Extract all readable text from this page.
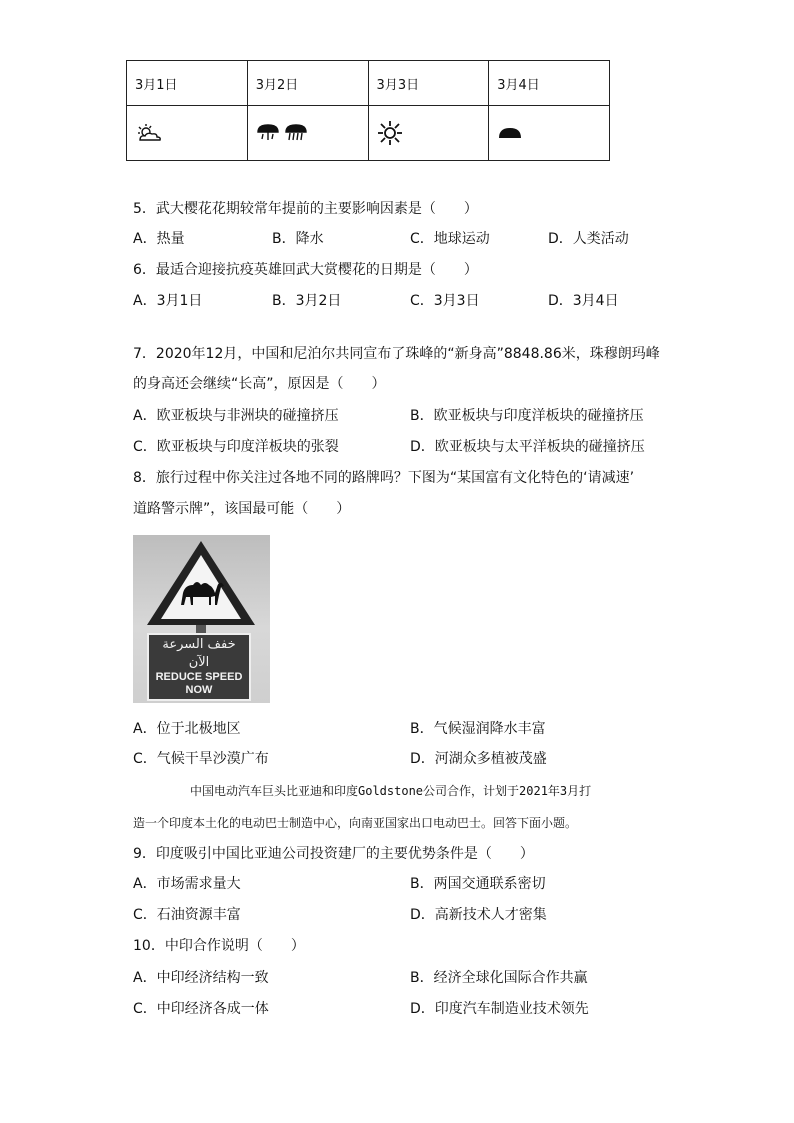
3月1日	3月2日	3月3日	3月4日

5．武大樱花花期较常年提前的主要影响因素是（　　）
A．热量	B．降水	C．地球运动	D．人类活动
6．最适合迎接抗疫英雄回武大赏樱花的日期是（　　）
A．3月1日	B．3月2日	C．3月3日	D．3月4日
7．2020年12月，中国和尼泊尔共同宣布了珠峰的“新身高”8848.86米，珠穆朗玛峰
的身高还会继续“长高”，原因是（　　）
A．欧亚板块与非洲块的碰撞挤压	B．欧亚板块与印度洋板块的碰撞挤压
C．欧亚板块与印度洋板块的张裂	D．欧亚板块与太平洋板块的碰撞挤压
8．旅行过程中你关注过各地不同的路牌吗？下图为“某国富有文化特色的‘请减速’
道路警示牌”，该国最可能（　　）
خفف السرعة
الآن
REDUCE SPEED
NOW
A．位于北极地区	B．气候湿润降水丰富
C．气候干旱沙漠广布	D．河湖众多植被茂盛
中国电动汽车巨头比亚迪和印度Goldstone公司合作，计划于2021年3月打
造一个印度本土化的电动巴士制造中心，向南亚国家出口电动巴士。回答下面小题。
9．印度吸引中国比亚迪公司投资建厂的主要优势条件是（　　）
A．市场需求量大	B．两国交通联系密切
C．石油资源丰富	D．高新技术人才密集
10．中印合作说明（　　）
A．中印经济结构一致	B．经济全球化国际合作共赢
C．中印经济各成一体	D．印度汽车制造业技术领先
